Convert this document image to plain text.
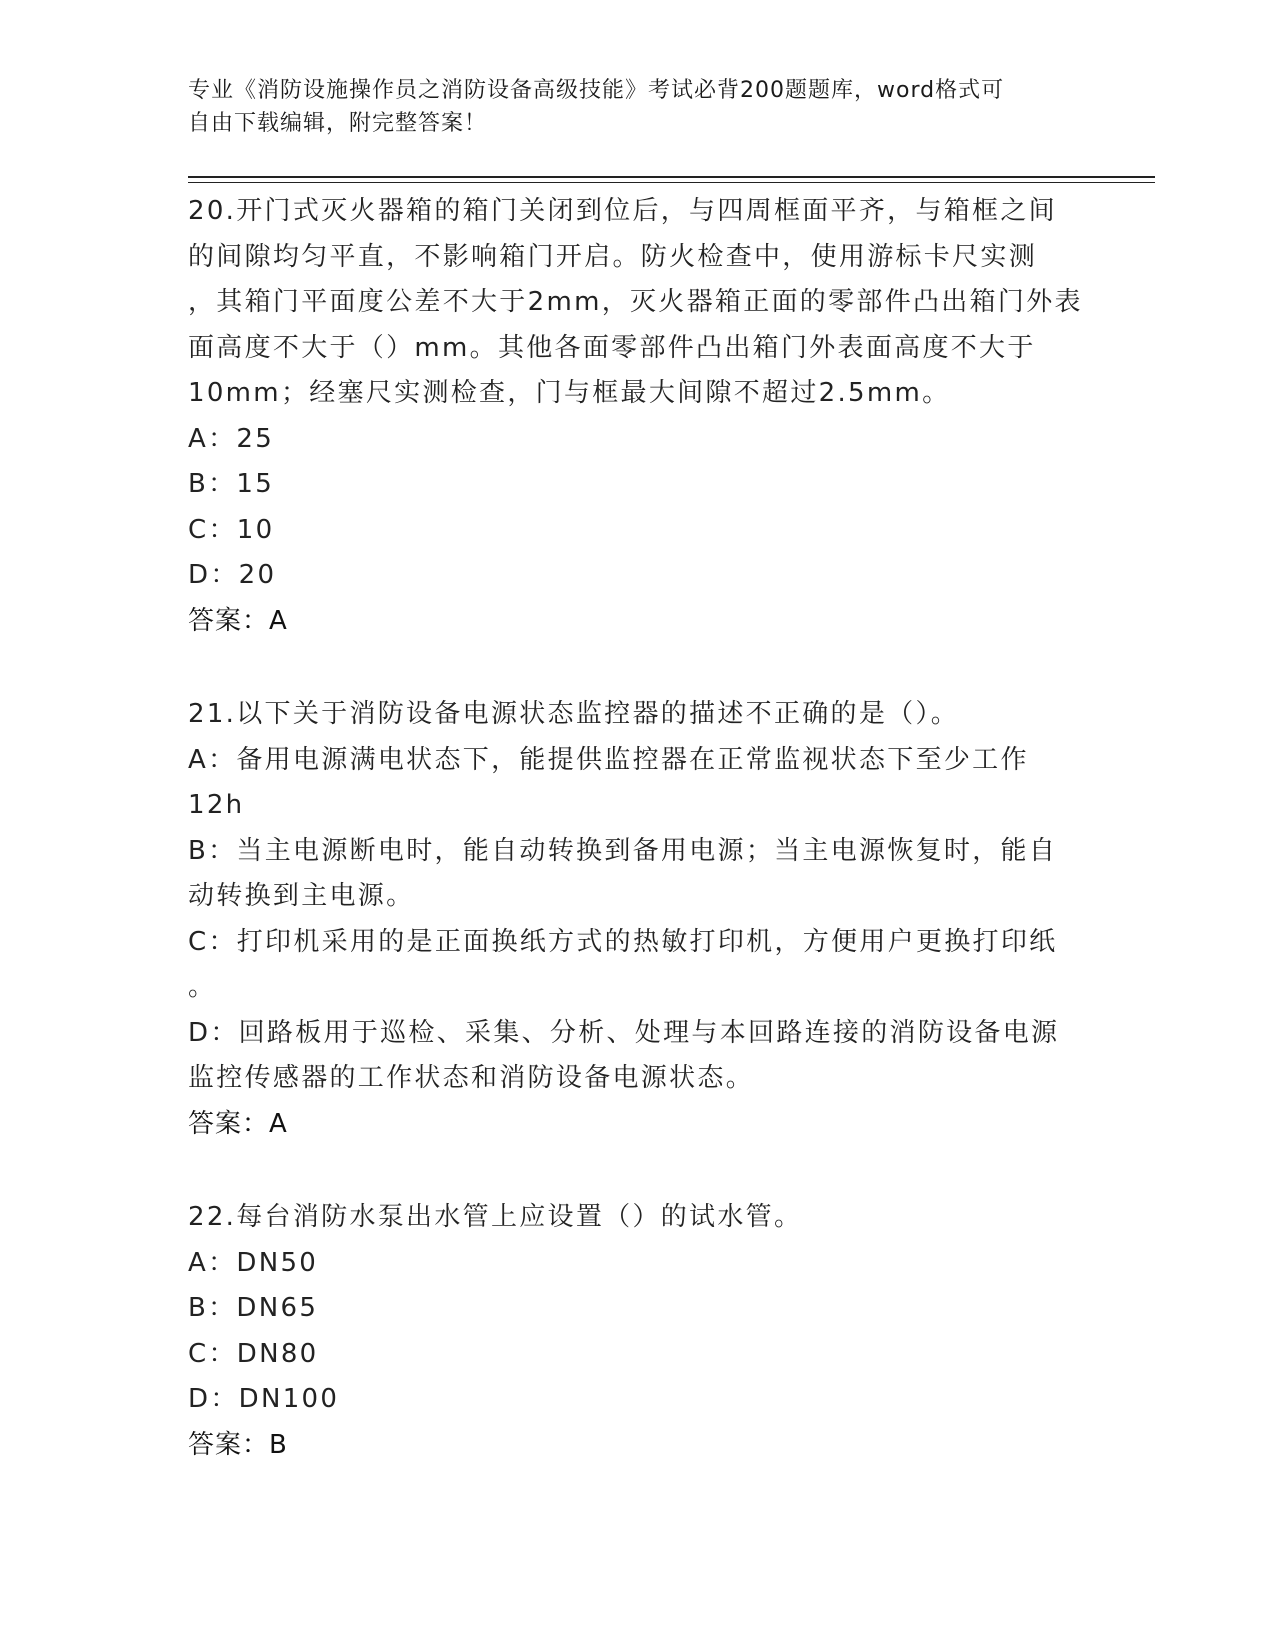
专业《消防设施操作员之消防设备高级技能》考试必背200题题库，word格式可
自由下载编辑，附完整答案！
20.开门式灭火器箱的箱门关闭到位后，与四周框面平齐，与箱框之间
的间隙均匀平直，不影响箱门开启。防火检查中，使用游标卡尺实测
，其箱门平面度公差不大于2mm，灭火器箱正面的零部件凸出箱门外表
面高度不大于（）mm。其他各面零部件凸出箱门外表面高度不大于
10mm；经塞尺实测检查，门与框最大间隙不超过2.5mm。
A：25
B：15
C：10
D：20
答案：A
21.以下关于消防设备电源状态监控器的描述不正确的是（）。
A：备用电源满电状态下，能提供监控器在正常监视状态下至少工作
12h
B：当主电源断电时，能自动转换到备用电源；当主电源恢复时，能自
动转换到主电源。
C：打印机采用的是正面换纸方式的热敏打印机，方便用户更换打印纸
。
D：回路板用于巡检、采集、分析、处理与本回路连接的消防设备电源
监控传感器的工作状态和消防设备电源状态。
答案：A
22.每台消防水泵出水管上应设置（）的试水管。
A：DN50
B：DN65
C：DN80
D：DN100
答案：B
